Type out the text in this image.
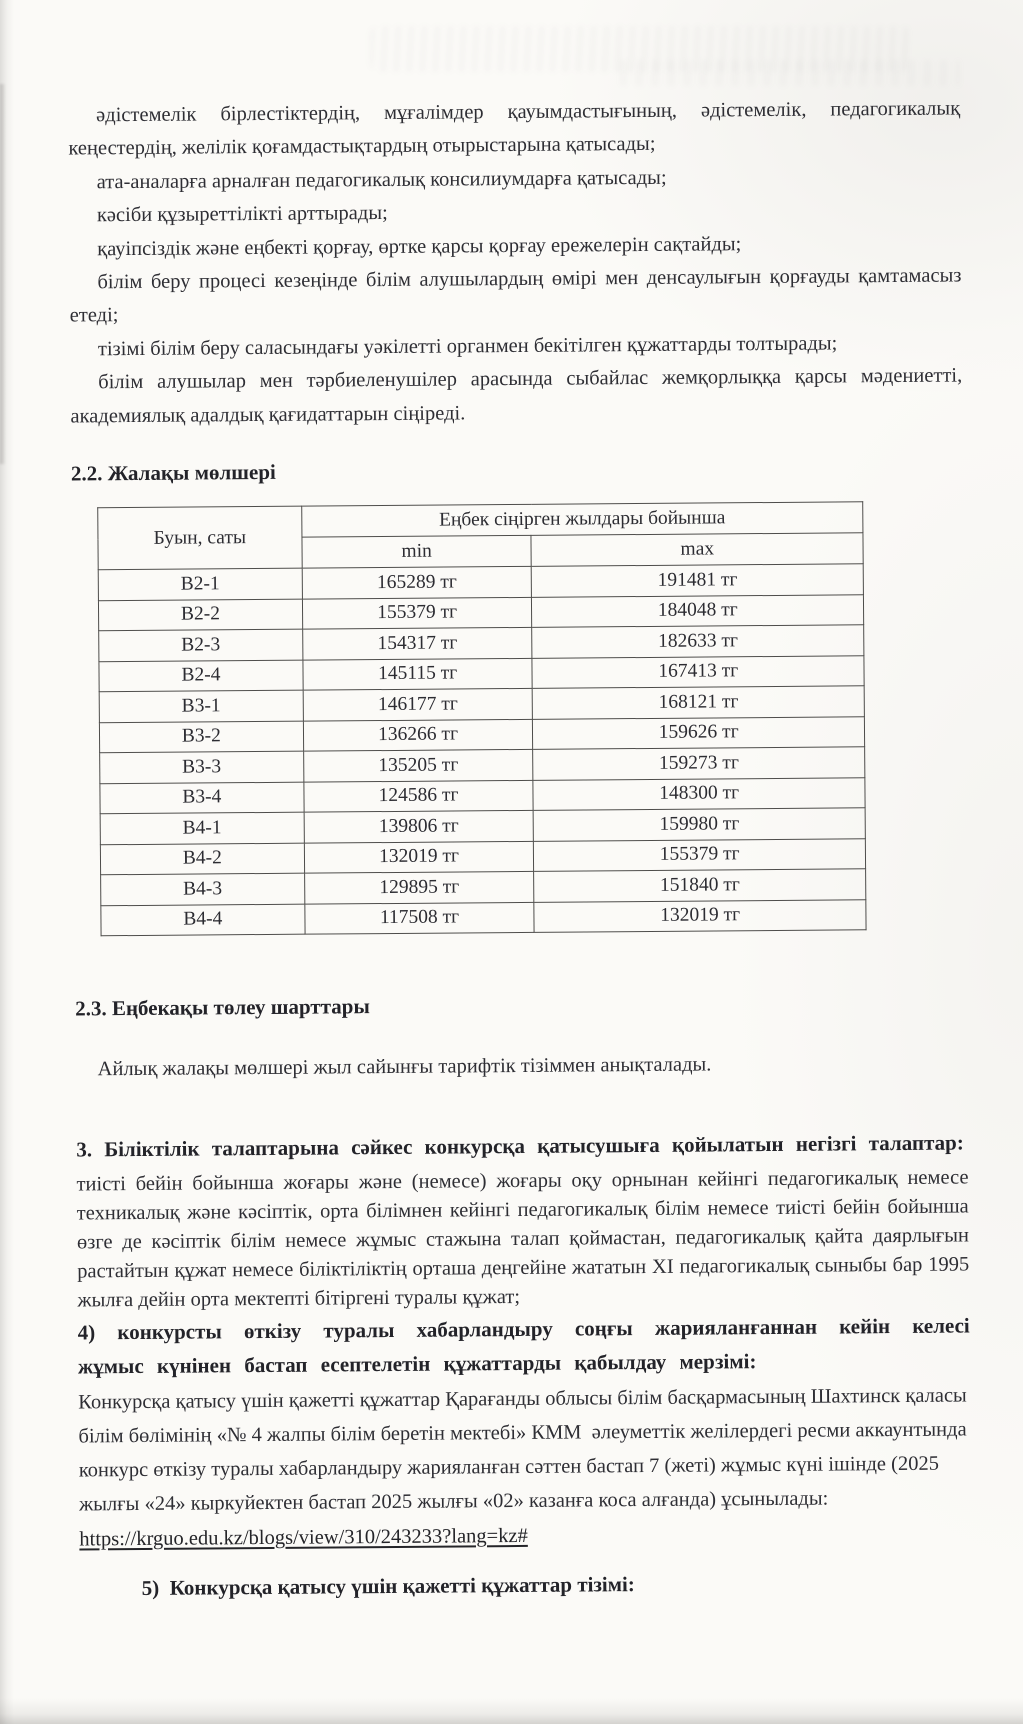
әдістемелік бірлестіктердің, мұғалімдер қауымдастығының, әдістемелік, педагогикалық кеңестердің, желілік қоғамдастықтардың отырыстарына қатысады;

ата-аналарға арналған педагогикалық консилиумдарға қатысады;

кәсіби құзыреттілікті арттырады;

қауіпсіздік және еңбекті қорғау, өртке қарсы қорғау ережелерін сақтайды;

білім беру процесі кезеңінде білім алушылардың өмірі мен денсаулығын қорғауды қамтамасыз етеді;

тізімі білім беру саласындағы уәкілетті органмен бекітілген құжаттарды толтырады;

білім алушылар мен тәрбиеленушілер арасында сыбайлас жемқорлыққа қарсы мәдениетті, академиялық адалдық қағидаттарын сіңіреді.

2.2. Жалақы мөлшері
Буын, саты	Еңбек сіңірген жылдары бойынша	
	min	max
B2-1	165289 тг	191481 тг
B2-2	155379 тг	184048 тг
B2-3	154317 тг	182633 тг
B2-4	145115 тг	167413 тг
B3-1	146177 тг	168121 тг
B3-2	136266 тг	159626 тг
B3-3	135205 тг	159273 тг
B3-4	124586 тг	148300 тг
B4-1	139806 тг	159980 тг
B4-2	132019 тг	155379 тг
B4-3	129895 тг	151840 тг
B4-4	117508 тг	132019 тг
2.3. Еңбекақы төлеу шарттары

Айлық жалақы мөлшері жыл сайынғы тарифтік тізіммен анықталады.

3. Біліктілік талаптарына сәйкес конкурсқа қатысушыға қойылатын негізгі талаптар:

тиісті бейін бойынша жоғары және (немесе) жоғары оқу орнынан кейінгі педагогикалық немесе техникалық және кәсіптік, орта білімнен кейінгі педагогикалық білім немесе тиісті бейін бойынша өзге де кәсіптік білім немесе жұмыс стажына талап қоймастан, педагогикалық қайта даярлығын растайтын құжат немесе біліктіліктің орташа деңгейіне жататын XI педагогикалық сыныбы бар 1995 жылға дейін орта мектепті бітіргені туралы құжат;

4) конкурсты өткізу туралы хабарландыру соңғы жарияланғаннан кейін келесі жұмыс күнінен бастап есептелетін құжаттарды қабылдау мерзімі:

Конкурсқа қатысу үшін қажетті құжаттар Қарағанды облысы білім басқармасының Шахтинск қаласы білім бөлімінің «№ 4 жалпы білім беретін мектебі» КММ  әлеуметтік желілердегі ресми аккаунтында конкурс өткізу туралы хабарландыру жарияланған сәттен бастап 7 (жеті) жұмыс күні ішінде (2025 жылғы «24» кыркуйектен бастап 2025 жылғы «02» казанға коса алғанда) ұсынылады:

https://krguo.edu.kz/blogs/view/310/243233?lang=kz#
5)  Конкурсқа қатысу үшін қажетті құжаттар тізімі:
